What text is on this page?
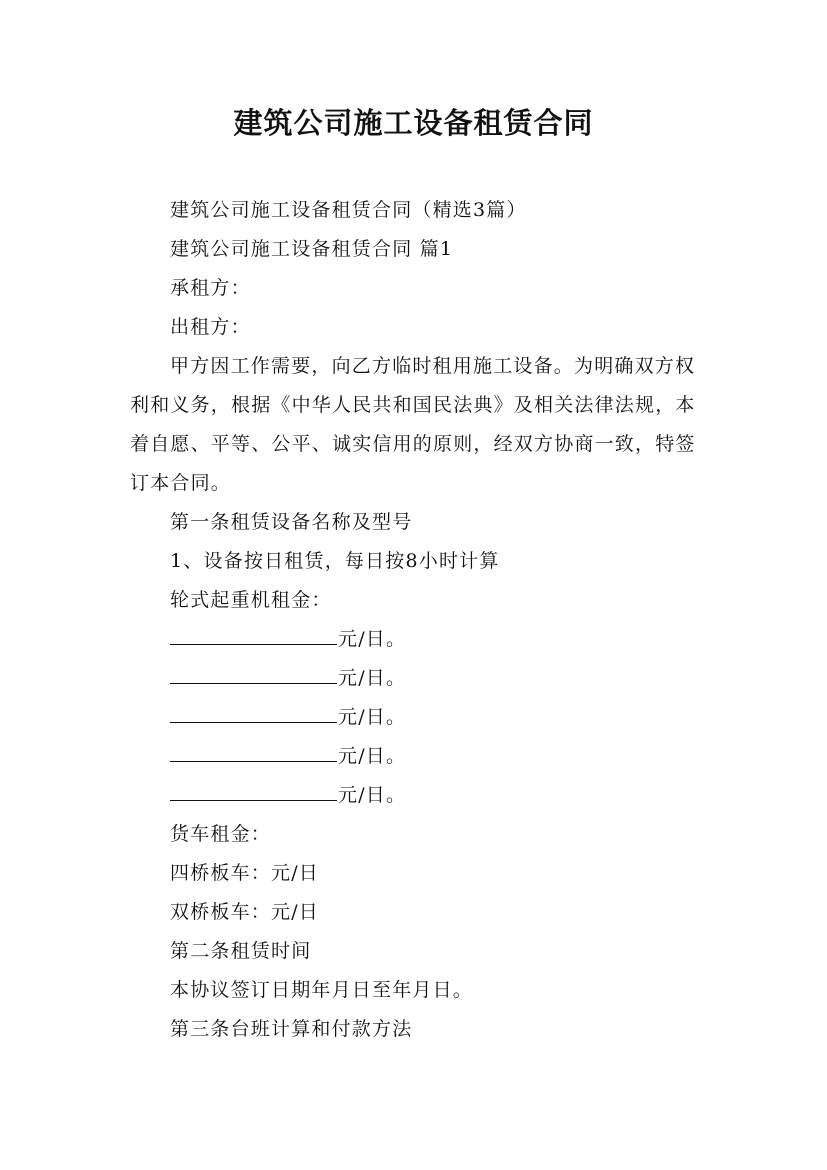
建筑公司施工设备租赁合同

建筑公司施工设备租赁合同（精选3篇）

建筑公司施工设备租赁合同 篇1

承租方：

出租方：

甲方因工作需要，向乙方临时租用施工设备。为明确双方权利和义务，根据《中华人民共和国民法典》及相关法律法规，本着自愿、平等、公平、诚实信用的原则，经双方协商一致，特签订本合同。

第一条租赁设备名称及型号

1、设备按日租赁，每日按8小时计算

轮式起重机租金：

元/日。
元/日。
元/日。
元/日。
元/日。

货车租金：

四桥板车：元/日

双桥板车：元/日

第二条租赁时间

本协议签订日期年月日至年月日。

第三条台班计算和付款方法
